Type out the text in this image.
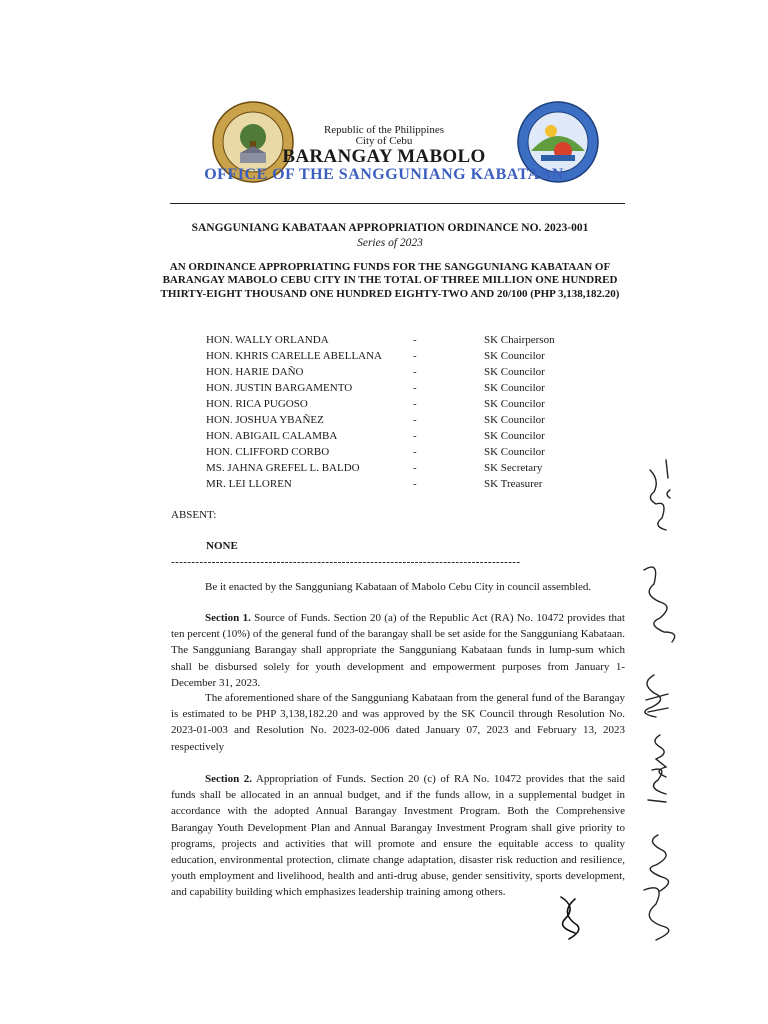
Republic of the Philippines
City of Cebu
BARANGAY MABOLO
OFFICE OF THE SANGGUNIANG KABATAAN
SANGGUNIANG KABATAAN APPROPRIATION ORDINANCE NO. 2023-001
Series of 2023
AN ORDINANCE APPROPRIATING FUNDS FOR THE SANGGUNIANG KABATAAN OF BARANGAY MABOLO CEBU CITY IN THE TOTAL OF THREE MILLION ONE HUNDRED THIRTY-EIGHT THOUSAND ONE HUNDRED EIGHTY-TWO AND 20/100 (PHP 3,138,182.20)
HON. WALLY ORLANDA	-	SK Chairperson
HON. KHRIS CARELLE ABELLANA	-	SK Councilor
HON. HARIE DAÑO	-	SK Councilor
HON. JUSTIN BARGAMENTO	-	SK Councilor
HON. RICA PUGOSO	-	SK Councilor
HON. JOSHUA YBAÑEZ	-	SK Councilor
HON. ABIGAIL CALAMBA	-	SK Councilor
HON. CLIFFORD CORBO	-	SK Councilor
MS. JAHNA GREFEL L. BALDO	-	SK Secretary
MR. LEI LLOREN	-	SK Treasurer
ABSENT:
NONE
--------------------------------------------------------------------------------------
Be it enacted by the Sangguniang Kabataan of Mabolo Cebu City in council assembled.
Section 1. Source of Funds. Section 20 (a) of the Republic Act (RA) No. 10472 provides that ten percent (10%) of the general fund of the barangay shall be set aside for the Sangguniang Kabataan. The Sangguniang Barangay shall appropriate the Sangguniang Kabataan funds in lump-sum which shall be disbursed solely for youth development and empowerment purposes from January 1- December 31, 2023.
The aforementioned share of the Sangguniang Kabataan from the general fund of the Barangay is estimated to be PHP 3,138,182.20 and was approved by the SK Council through Resolution No. 2023-01-003 and Resolution No. 2023-02-006 dated January 07, 2023 and February 13, 2023 respectively
Section 2. Appropriation of Funds. Section 20 (c) of RA No. 10472 provides that the said funds shall be allocated in an annual budget, and if the funds allow, in a supplemental budget in accordance with the adopted Annual Barangay Investment Program. Both the Comprehensive Barangay Youth Development Plan and Annual Barangay Investment Program shall give priority to programs, projects and activities that will promote and ensure the equitable access to quality education, environmental protection, climate change adaptation, disaster risk reduction and resilience, youth employment and livelihood, health and anti-drug abuse, gender sensitivity, sports development, and capability building which emphasizes leadership training among others.
